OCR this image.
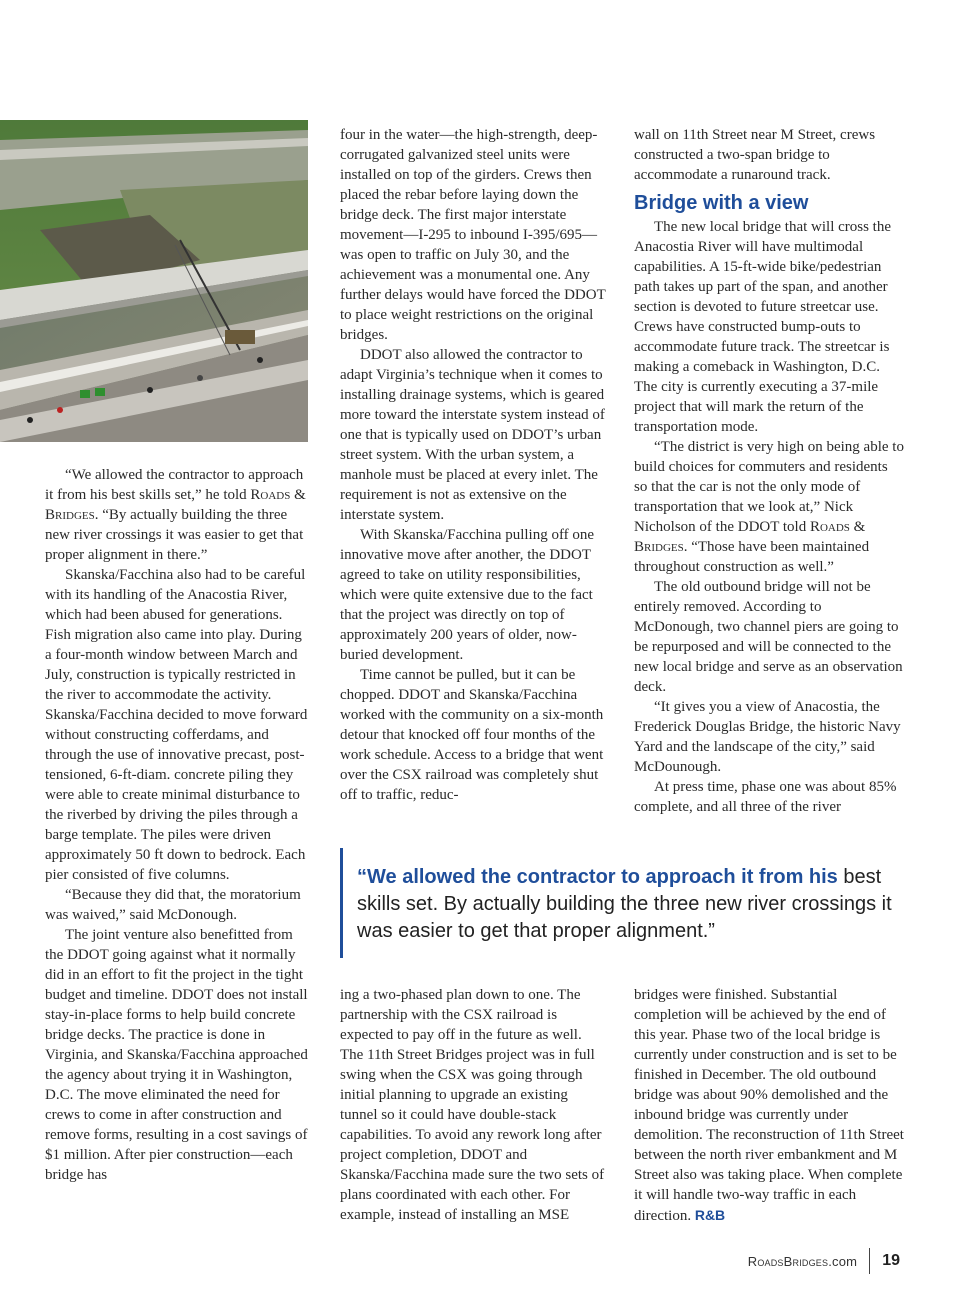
“We allowed the contractor to approach it from his best skills set,” he told Roads & Bridges. “By actually building the three new river crossings it was easier to get that proper alignment in there.”

Skanska/Facchina also had to be careful with its handling of the Anacostia River, which had been abused for generations. Fish migration also came into play. During a four-month window between March and July, construction is typically restricted in the river to accommodate the activity. Skanska/Facchina decided to move forward without constructing cofferdams, and through the use of innovative precast, post-tensioned, 6-ft-diam. concrete piling they were able to create minimal disturbance to the riverbed by driving the piles through a barge template. The piles were driven approximately 50 ft down to bedrock. Each pier consisted of five columns.

“Because they did that, the moratorium was waived,” said McDonough.

The joint venture also benefitted from the DDOT going against what it normally did in an effort to fit the project in the tight budget and timeline. DDOT does not install stay-in-place forms to help build concrete bridge decks. The practice is done in Virginia, and Skanska/Facchina approached the agency about trying it in Washington, D.C. The move eliminated the need for crews to come in after construction and remove forms, resulting in a cost savings of $1 million. After pier construction—each bridge has

four in the water—the high-strength, deep-corrugated galvanized steel units were installed on top of the girders. Crews then placed the rebar before laying down the bridge deck. The first major interstate movement—I-295 to inbound I-395/695—was open to traffic on July 30, and the achievement was a monumental one. Any further delays would have forced the DDOT to place weight restrictions on the original bridges.

DDOT also allowed the contractor to adapt Virginia’s technique when it comes to installing drainage systems, which is geared more toward the interstate system instead of one that is typically used on DDOT’s urban street system. With the urban system, a manhole must be placed at every inlet. The requirement is not as extensive on the interstate system.

With Skanska/Facchina pulling off one innovative move after another, the DDOT agreed to take on utility responsibilities, which were quite extensive due to the fact that the project was directly on top of approximately 200 years of older, now-buried development.

Time cannot be pulled, but it can be chopped. DDOT and Skanska/Facchina worked with the community on a six-month detour that knocked off four months of the work schedule. Access to a bridge that went over the CSX railroad was completely shut off to traffic, reduc-

wall on 11th Street near M Street, crews constructed a two-span bridge to accommodate a runaround track.

Bridge with a view

The new local bridge that will cross the Anacostia River will have multimodal capabilities. A 15-ft-wide bike/pedestrian path takes up part of the span, and another section is devoted to future streetcar use. Crews have constructed bump-outs to accommodate future track. The streetcar is making a comeback in Washington, D.C. The city is currently executing a 37-mile project that will mark the return of the transportation mode.

“The district is very high on being able to build choices for commuters and residents so that the car is not the only mode of transportation that we look at,” Nick Nicholson of the DDOT told Roads & Bridges. “Those have been maintained throughout construction as well.”

The old outbound bridge will not be entirely removed. According to McDonough, two channel piers are going to be repurposed and will be connected to the new local bridge and serve as an observation deck.

“It gives you a view of Anacostia, the Frederick Douglas Bridge, the historic Navy Yard and the landscape of the city,” said McDounough.

At press time, phase one was about 85% complete, and all three of the river

“We allowed the contractor to approach it from his best skills set. By actually building the three new river crossings it was easier to get that proper alignment.”

ing a two-phased plan down to one. The partnership with the CSX railroad is expected to pay off in the future as well. The 11th Street Bridges project was in full swing when the CSX was going through initial planning to upgrade an existing tunnel so it could have double-stack capabilities. To avoid any rework long after project completion, DDOT and Skanska/Facchina made sure the two sets of plans coordinated with each other. For example, instead of installing an MSE

bridges were finished. Substantial completion will be achieved by the end of this year. Phase two of the local bridge is currently under construction and is set to be finished in December. The old outbound bridge was about 90% demolished and the inbound bridge was currently under demolition. The reconstruction of 11th Street between the north river embankment and M Street also was taking place. When complete it will handle two-way traffic in each direction. R&B

RoadsBridges.com	19
